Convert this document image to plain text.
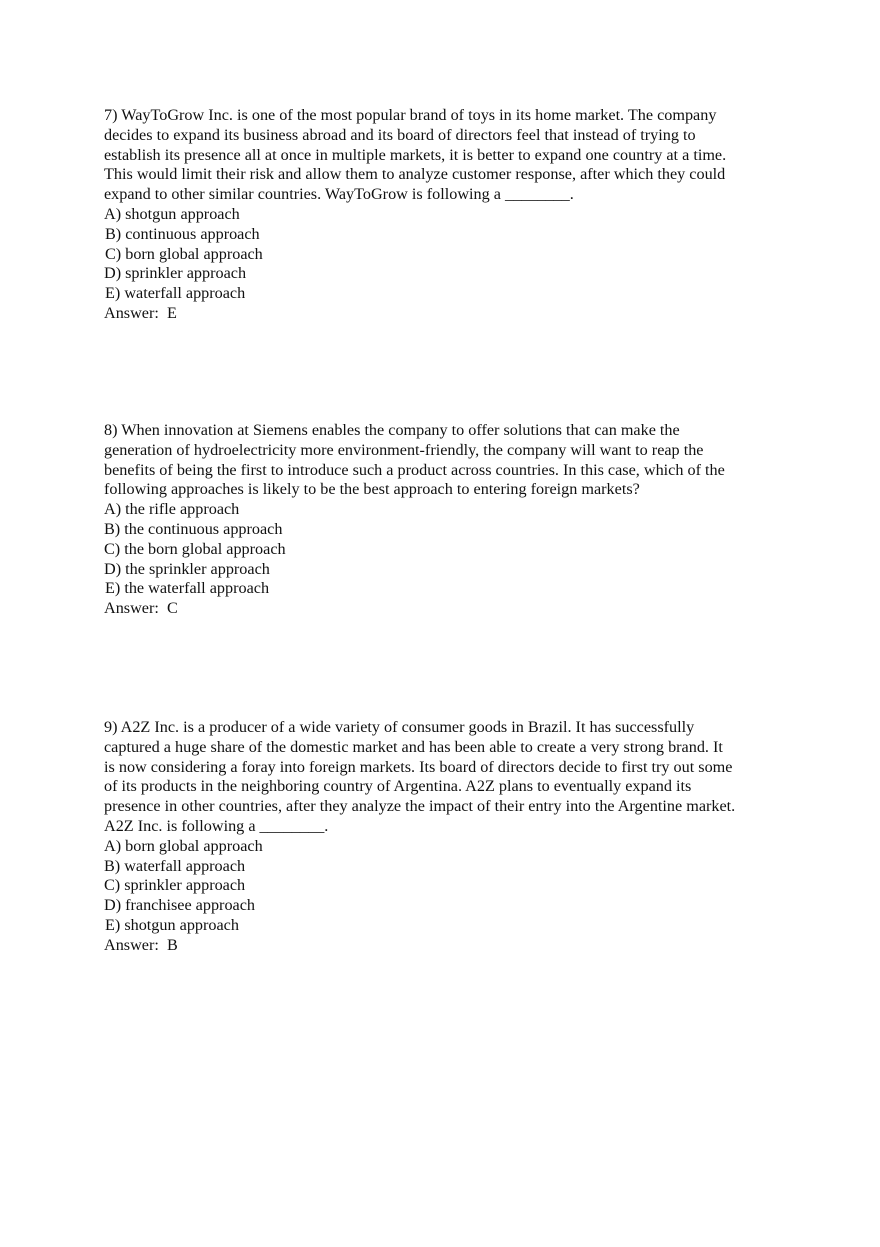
7) WayToGrow Inc. is one of the most popular brand of toys in its home market. The company
decides to expand its business abroad and its board of directors feel that instead of trying to
establish its presence all at once in multiple markets, it is better to expand one country at a time.
This would limit their risk and allow them to analyze customer response, after which they could
expand to other similar countries. WayToGrow is following a ________.
A) shotgun approach
B) continuous approach
C) born global approach
D) sprinkler approach
E) waterfall approach
Answer:  E
8) When innovation at Siemens enables the company to offer solutions that can make the
generation of hydroelectricity more environment-friendly, the company will want to reap the
benefits of being the first to introduce such a product across countries. In this case, which of the
following approaches is likely to be the best approach to entering foreign markets?
A) the rifle approach
B) the continuous approach
C) the born global approach
D) the sprinkler approach
E) the waterfall approach
Answer:  C
9) A2Z Inc. is a producer of a wide variety of consumer goods in Brazil. It has successfully
captured a huge share of the domestic market and has been able to create a very strong brand. It
is now considering a foray into foreign markets. Its board of directors decide to first try out some
of its products in the neighboring country of Argentina. A2Z plans to eventually expand its
presence in other countries, after they analyze the impact of their entry into the Argentine market.
A2Z Inc. is following a ________.
A) born global approach
B) waterfall approach
C) sprinkler approach
D) franchisee approach
E) shotgun approach
Answer:  B
